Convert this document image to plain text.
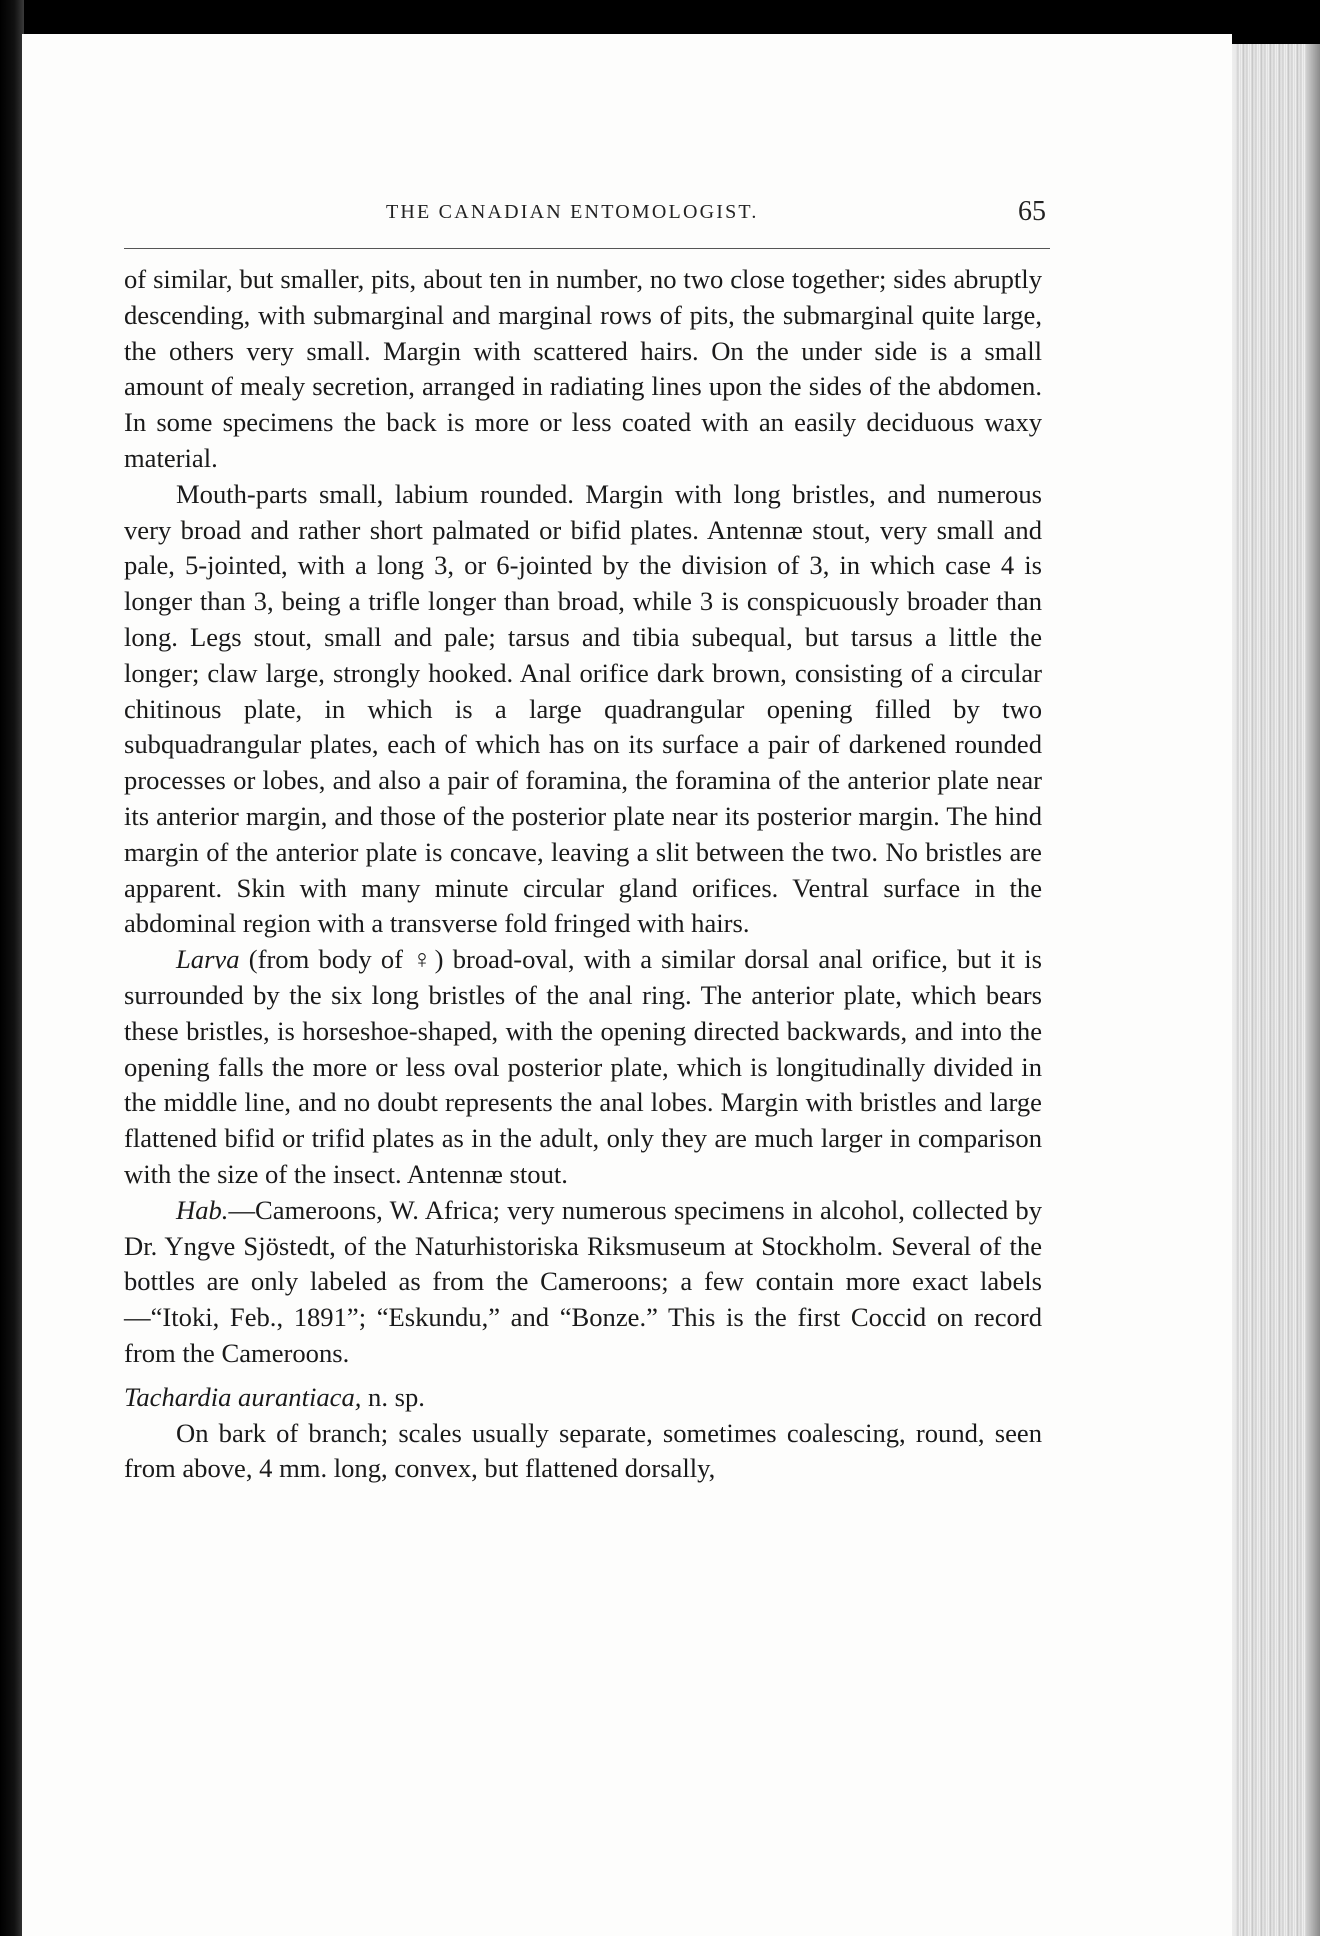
THE CANADIAN ENTOMOLOGIST.	65

of similar, but smaller, pits, about ten in number, no two close together; sides abruptly descending, with submarginal and marginal rows of pits, the submarginal quite large, the others very small. Margin with scattered hairs. On the under side is a small amount of mealy secretion, arranged in radiating lines upon the sides of the abdomen. In some specimens the back is more or less coated with an easily deciduous waxy material.

Mouth-parts small, labium rounded. Margin with long bristles, and numerous very broad and rather short palmated or bifid plates. Antennæ stout, very small and pale, 5-jointed, with a long 3, or 6-jointed by the division of 3, in which case 4 is longer than 3, being a trifle longer than broad, while 3 is conspicuously broader than long. Legs stout, small and pale; tarsus and tibia subequal, but tarsus a little the longer; claw large, strongly hooked. Anal orifice dark brown, consisting of a circular chitinous plate, in which is a large quadrangular opening filled by two subquadrangular plates, each of which has on its surface a pair of darkened rounded processes or lobes, and also a pair of foramina, the foramina of the anterior plate near its anterior margin, and those of the posterior plate near its posterior margin. The hind margin of the anterior plate is concave, leaving a slit between the two. No bristles are apparent. Skin with many minute circular gland orifices. Ventral surface in the abdominal region with a transverse fold fringed with hairs.

Larva (from body of ♀) broad-oval, with a similar dorsal anal orifice, but it is surrounded by the six long bristles of the anal ring. The anterior plate, which bears these bristles, is horseshoe-shaped, with the opening directed backwards, and into the opening falls the more or less oval posterior plate, which is longitudinally divided in the middle line, and no doubt represents the anal lobes. Margin with bristles and large flattened bifid or trifid plates as in the adult, only they are much larger in comparison with the size of the insect. Antennæ stout.

Hab.—Cameroons, W. Africa; very numerous specimens in alcohol, collected by Dr. Yngve Sjöstedt, of the Naturhistoriska Riksmuseum at Stockholm. Several of the bottles are only labeled as from the Cameroons; a few contain more exact labels—“Itoki, Feb., 1891”; “Eskundu,” and “Bonze.” This is the first Coccid on record from the Cameroons.

Tachardia aurantiaca, n. sp.

On bark of branch; scales usually separate, sometimes coalescing, round, seen from above, 4 mm. long, convex, but flattened dorsally,
